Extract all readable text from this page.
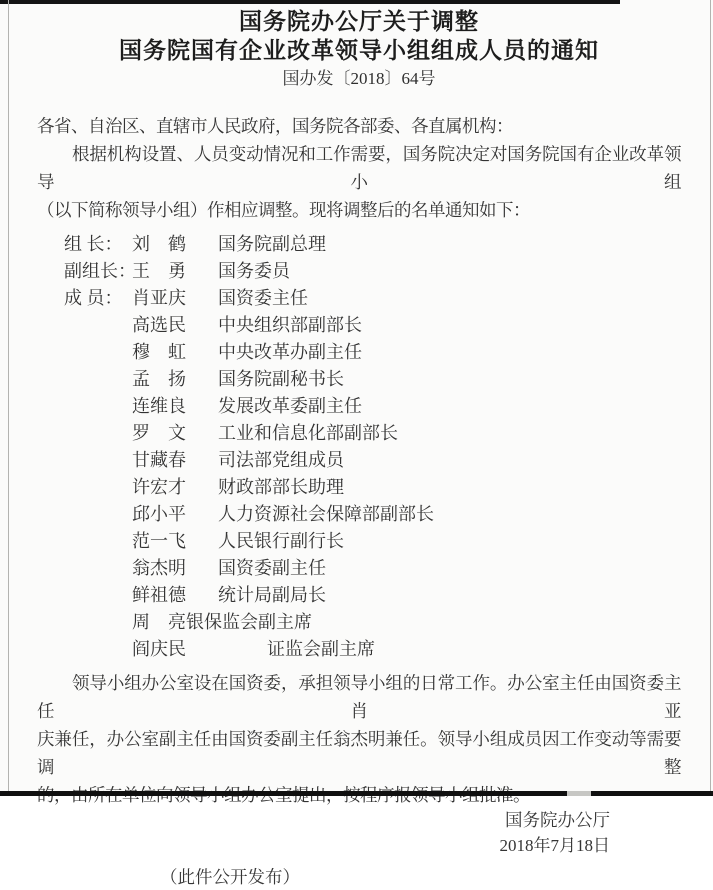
国务院办公厅关于调整
国务院国有企业改革领导小组组成人员的通知
国办发〔2018〕64号
各省、自治区、直辖市人民政府，国务院各部委、各直属机构：
根据机构设置、人员变动情况和工作需要，国务院决定对国务院国有企业改革领导小组
（以下简称领导小组）作相应调整。现将调整后的名单通知如下：
组 长： 刘　鹤 国务院副总理
副组长：王　勇 国务委员
成 员： 肖亚庆 国资委主任
高选民 中央组织部副部长
穆　虹 中央改革办副主任
孟　扬 国务院副秘书长
连维良 发展改革委副主任
罗　文 工业和信息化部副部长
甘藏春 司法部党组成员
许宏才 财政部部长助理
邱小平 人力资源社会保障部副部长
范一飞 人民银行副行长
翁杰明 国资委副主任
鲜祖德 统计局副局长
周　亮银保监会副主席
阎庆民	证监会副主席
领导小组办公室设在国资委，承担领导小组的日常工作。办公室主任由国资委主任肖亚
庆兼任，办公室副主任由国资委副主任翁杰明兼任。领导小组成员因工作变动等需要调整
国务院办公厅
2018年7月18日
（此件公开发布）
